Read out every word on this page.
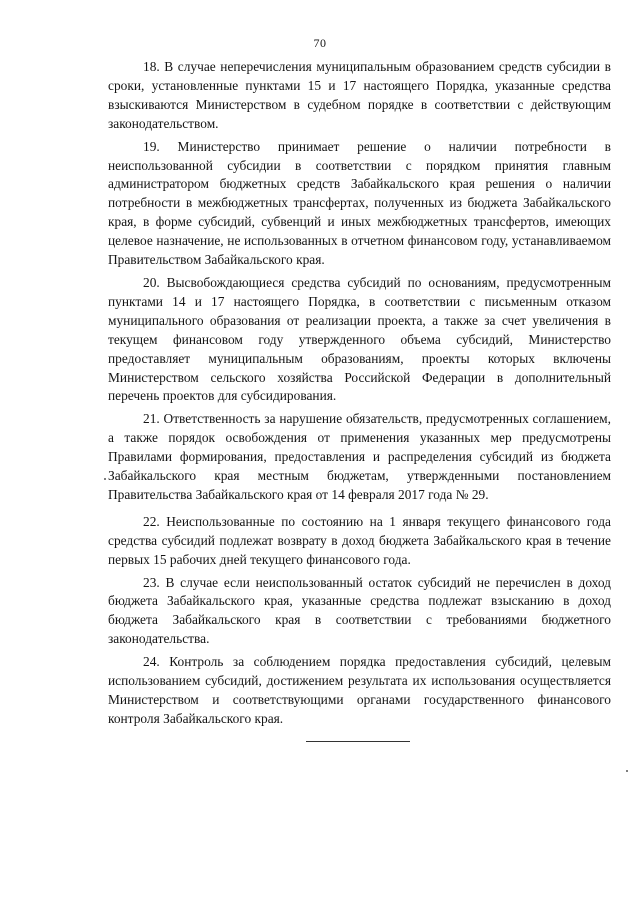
70

18. В случае неперечисления муниципальным образованием средств субсидии в сроки, установленные пунктами 15 и 17 настоящего Порядка, указанные средства взыскиваются Министерством в судебном порядке в соответствии с действующим законодательством.

19. Министерство принимает решение о наличии потребности в неиспользованной субсидии в соответствии с порядком принятия главным администратором бюджетных средств Забайкальского края решения о наличии потребности в межбюджетных трансфертах, полученных из бюджета Забайкальского края, в форме субсидий, субвенций и иных межбюджетных трансфертов, имеющих целевое назначение, не использованных в отчетном финансовом году, устанавливаемом Правительством Забайкальского края.

20. Высвобождающиеся средства субсидий по основаниям, предусмотренным пунктами 14 и 17 настоящего Порядка, в соответствии с письменным отказом муниципального образования от реализации проекта, а также за счет увеличения в текущем финансовом году утвержденного объема субсидий, Министерство предоставляет муниципальным образованиям, проекты которых включены Министерством сельского хозяйства Российской Федерации в дополнительный перечень проектов для субсидирования.

21. Ответственность за нарушение обязательств, предусмотренных соглашением, а также порядок освобождения от применения указанных мер предусмотрены Правилами формирования, предоставления и распределения субсидий из бюджета Забайкальского края местным бюджетам, утвержденными постановлением Правительства Забайкальского края от 14 февраля 2017 года № 29.

22. Неиспользованные по состоянию на 1 января текущего финансового года средства субсидий подлежат возврату в доход бюджета Забайкальского края в течение первых 15 рабочих дней текущего финансового года.

23. В случае если неиспользованный остаток субсидий не перечислен в доход бюджета Забайкальского края, указанные средства подлежат взысканию в доход бюджета Забайкальского края в соответствии с требованиями бюджетного законодательства.

24. Контроль за соблюдением порядка предоставления субсидий, целевым использованием субсидий, достижением результата их использования осуществляется Министерством и соответствующими органами государственного финансового контроля Забайкальского края.
